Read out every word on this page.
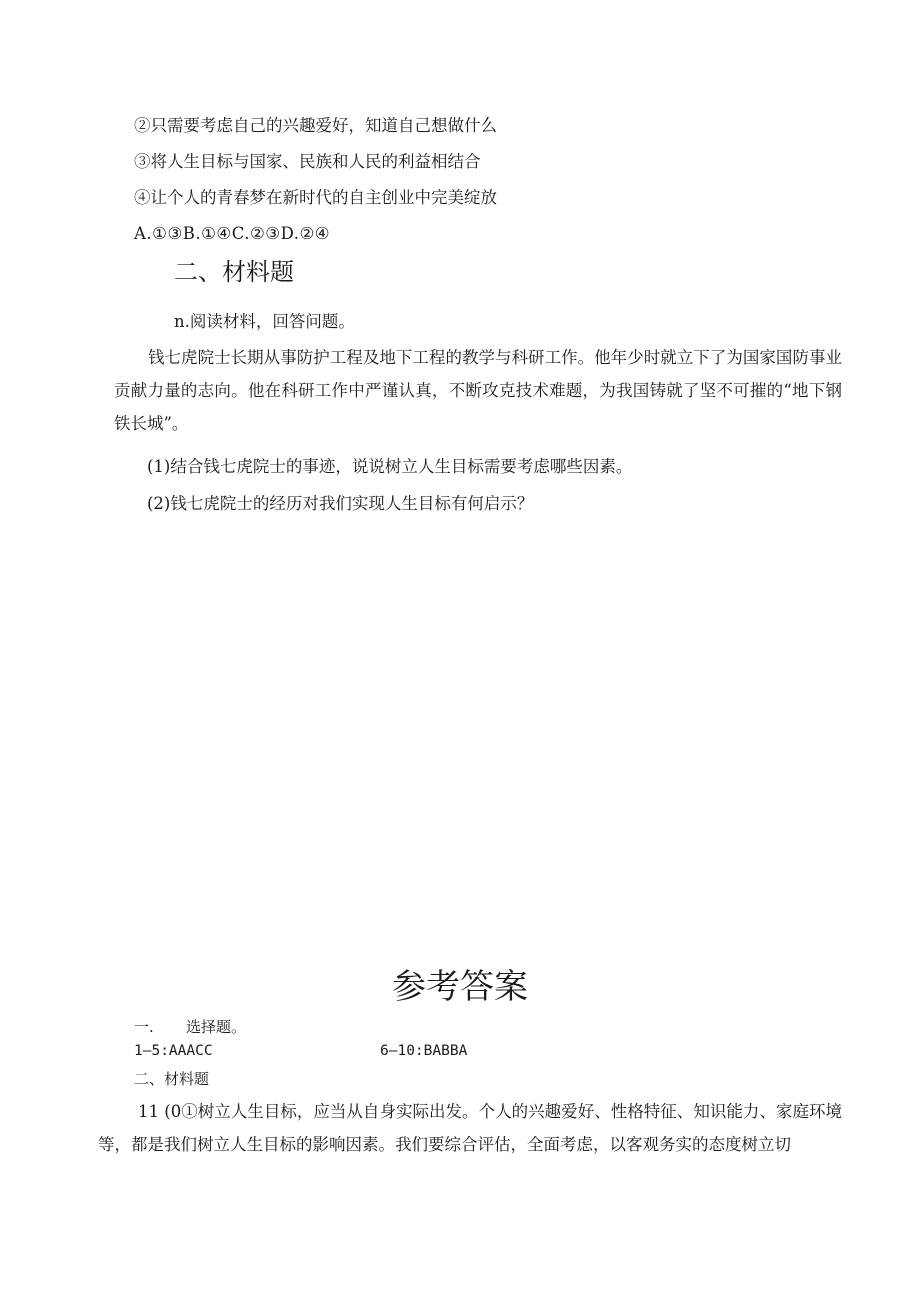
②只需要考虑自己的兴趣爱好，知道自己想做什么
③将人生目标与国家、民族和人民的利益相结合
④让个人的青春梦在新时代的自主创业中完美绽放
A.①③B.①④C.②③D.②④
二、材料题
n.阅读材料，回答问题。
钱七虎院士长期从事防护工程及地下工程的教学与科研工作。他年少时就立下了为国家国防事业贡献力量的志向。他在科研工作中严谨认真，不断攻克技术难题，为我国铸就了坚不可摧的“地下钢铁长城”。
(1)结合钱七虎院士的事迹，说说树立人生目标需要考虑哪些因素。
(2)钱七虎院士的经历对我们实现人生目标有何启示？
参考答案
一. 选择题。
1—5:AAACC	6—10:BABBA
二、材料题
11 (0①树立人生目标，应当从自身实际出发。个人的兴趣爱好、性格特征、知识能力、家庭环境等，都是我们树立人生目标的影响因素。我们要综合评估，全面考虑，以客观务实的态度树立切
